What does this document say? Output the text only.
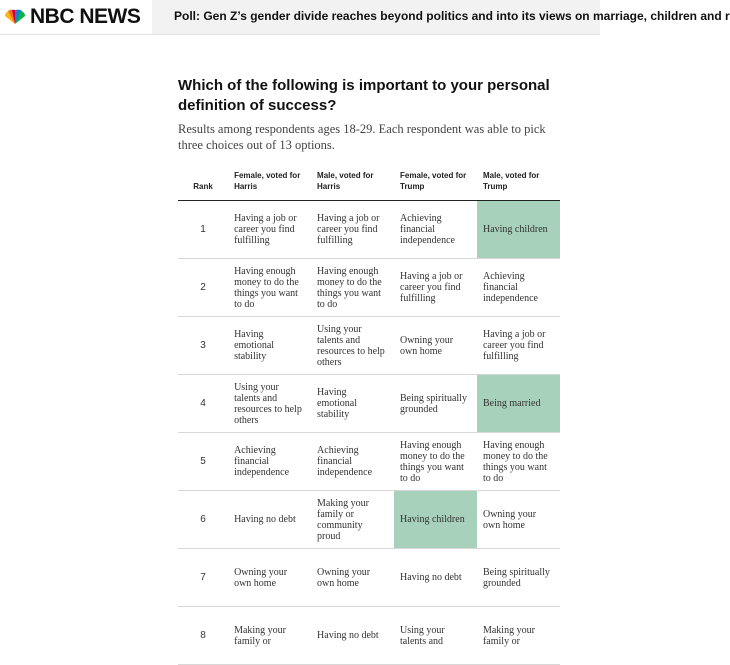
NBC NEWS	Poll: Gen Z’s gender divide reaches beyond politics and into its views on marriage, children and r
Which of the following is important to your personal definition of success?
Results among respondents ages 18-29. Each respondent was able to pick three choices out of 13 options.
Rank	Female, voted for Harris	Male, voted for Harris	Female, voted for Trump	Male, voted for Trump
1	Having a job or career you find fulfilling	Having a job or career you find fulfilling	Achieving financial independence	Having children
2	Having enough money to do the things you want to do	Having enough money to do the things you want to do	Having a job or career you find fulfilling	Achieving financial independence
3	Having emotional stability	Using your talents and resources to help others	Owning your own home	Having a job or career you find fulfilling
4	Using your talents and resources to help others	Having emotional stability	Being spiritually grounded	Being married
5	Achieving financial independence	Achieving financial independence	Having enough money to do the things you want to do	Having enough money to do the things you want to do
6	Having no debt	Making your family or community proud	Having children	Owning your own home
7	Owning your own home	Owning your own home	Having no debt	Being spiritually grounded
8	Making your family or	Having no debt	Using your talents and	Making your family or
